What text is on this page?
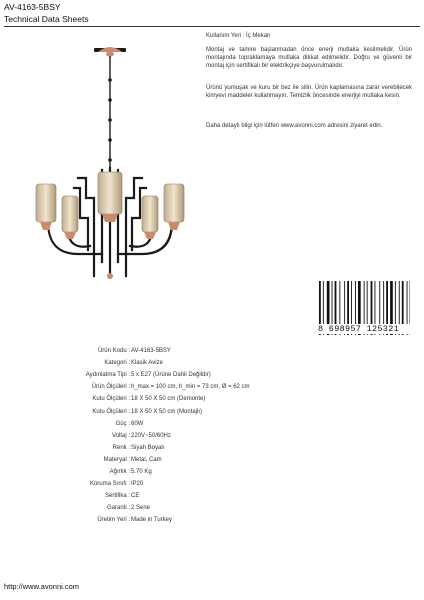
AV-4163-5BSY
Technical Data Sheets
Kullanım Yeri : İç Mekan

Montaj ve tamire başlanmadan önce enerji mutlaka kesilmelidir. Ürün montajında topraklamaya mutlaka dikkat edilmelidir. Doğru ve güvenli bir montaj için sertifikalı bir elektrikçiye başvurulmalıdır.

Ürünü yumuşak ve kuru bir bez ile silin. Ürün kaplamasına zarar verebilecek kimyevi maddeler kullanmayın. Temizlik öncesinde enerjiyi mutlaka kesin.

Daha detaylı bilgi için lütfen www.avonni.com adresini ziyaret edin.

8 698957 125321
Ürün Kodu : AV-4163-5BSY
Kategori : Klasik Avize
Aydınlatma Tipi : 5 x E27 (Ürüne Dahil Değildir)
Ürün Ölçüleri : h_max = 100 cm, h_min = 73 cm, Ø = 62 cm
Kutu Ölçüleri : 18 X 50 X 50 cm (Demonte)
Kutu Ölçüleri : 18 X 50 X 50 cm (Montajlı)
Güç : 60W
Voltaj : 220V~50/60Hz
Renk : Siyah Boyalı
Materyal : Metal, Cam
Ağırlık : 5.70 Kg
Koruma Sınıfı : IP20
Sertifika : CE
Garanti : 2 Sene
Üretim Yeri : Made in Turkey
http://www.avonni.com
